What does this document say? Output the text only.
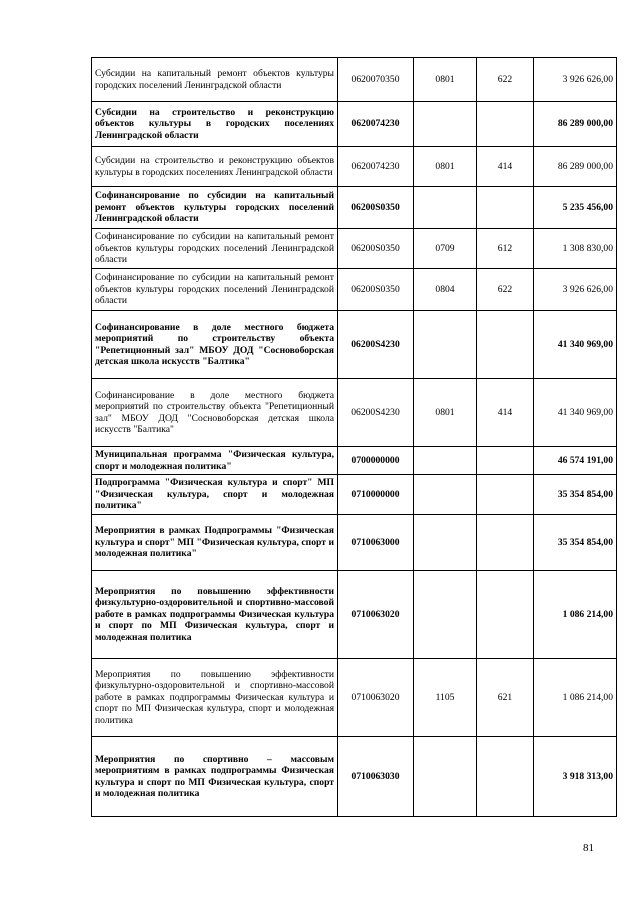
Субсидии на капитальный ремонт объектов культуры городских поселений Ленинградской области	0620070350	0801	622	3 926 626,00
Субсидии на строительство и реконструкцию объектов культуры в городских поселениях Ленинградской области	0620074230			86 289 000,00
Субсидии на строительство и реконструкцию объектов культуры в городских поселениях Ленинградской области	0620074230	0801	414	86 289 000,00
Софинансирование по субсидии на капитальный ремонт объектов культуры городских поселений Ленинградской области	06200S0350			5 235 456,00
Софинансирование по субсидии на капитальный ремонт объектов культуры городских поселений Ленинградской области	06200S0350	0709	612	1 308 830,00
Софинансирование по субсидии на капитальный ремонт объектов культуры городских поселений Ленинградской области	06200S0350	0804	622	3 926 626,00
Софинансирование в доле местного бюджета мероприятий по строительству объекта "Репетиционный зал" МБОУ ДОД "Сосновоборская детская школа искусств "Балтика"	06200S4230			41 340 969,00
Софинансирование в доле местного бюджета мероприятий по строительству объекта "Репетиционный зал" МБОУ ДОД "Сосновоборская детская школа искусств "Балтика"	06200S4230	0801	414	41 340 969,00
Муниципальная программа "Физическая культура, спорт и молодежная политика"	0700000000			46 574 191,00
Подпрограмма "Физическая культура и спорт" МП "Физическая культура, спорт и молодежная политика"	0710000000			35 354 854,00
Мероприятия в рамках Подпрограммы "Физическая культура и спорт" МП "Физическая культура, спорт и молодежная политика"	0710063000			35 354 854,00
Мероприятия по повышению эффективности физкультурно-оздоровительной и спортивно-массовой работе в рамках подпрограммы Физическая культура и спорт по МП Физическая культура, спорт и молодежная политика	0710063020			1 086 214,00
Мероприятия по повышению эффективности физкультурно-оздоровительной и спортивно-массовой работе в рамках подпрограммы Физическая культура и спорт по МП Физическая культура, спорт и молодежная политика	0710063020	1105	621	1 086 214,00
Мероприятия по спортивно – массовым мероприятиям в рамках подпрограммы Физическая культура и спорт по МП Физическая культура, спорт и молодежная политика	0710063030			3 918 313,00
81
